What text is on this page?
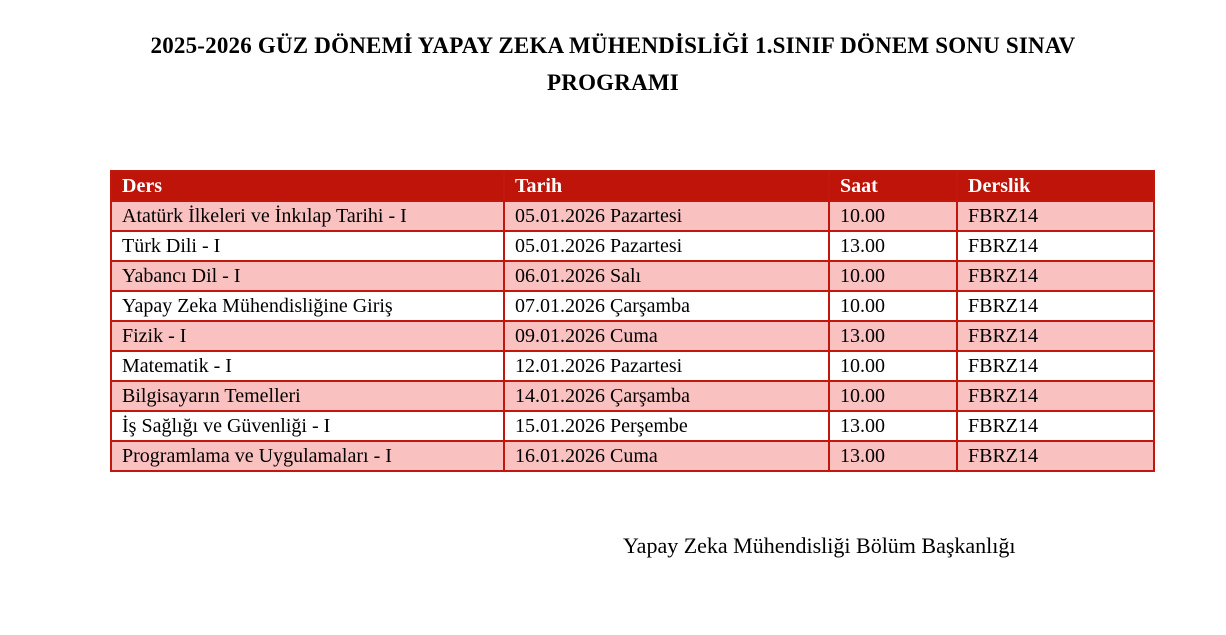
2025-2026 GÜZ DÖNEMİ YAPAY ZEKA MÜHENDİSLİĞİ 1.SINIF DÖNEM SONU SINAV PROGRAMI
Ders	Tarih	Saat	Derslik
Atatürk İlkeleri ve İnkılap Tarihi - I	05.01.2026 Pazartesi	10.00	FBRZ14
Türk Dili - I	05.01.2026 Pazartesi	13.00	FBRZ14
Yabancı Dil - I	06.01.2026 Salı	10.00	FBRZ14
Yapay Zeka Mühendisliğine Giriş	07.01.2026 Çarşamba	10.00	FBRZ14
Fizik - I	09.01.2026 Cuma	13.00	FBRZ14
Matematik - I	12.01.2026 Pazartesi	10.00	FBRZ14
Bilgisayarın Temelleri	14.01.2026 Çarşamba	10.00	FBRZ14
İş Sağlığı ve Güvenliği - I	15.01.2026 Perşembe	13.00	FBRZ14
Programlama ve Uygulamaları - I	16.01.2026 Cuma	13.00	FBRZ14
Yapay Zeka Mühendisliği Bölüm Başkanlığı
